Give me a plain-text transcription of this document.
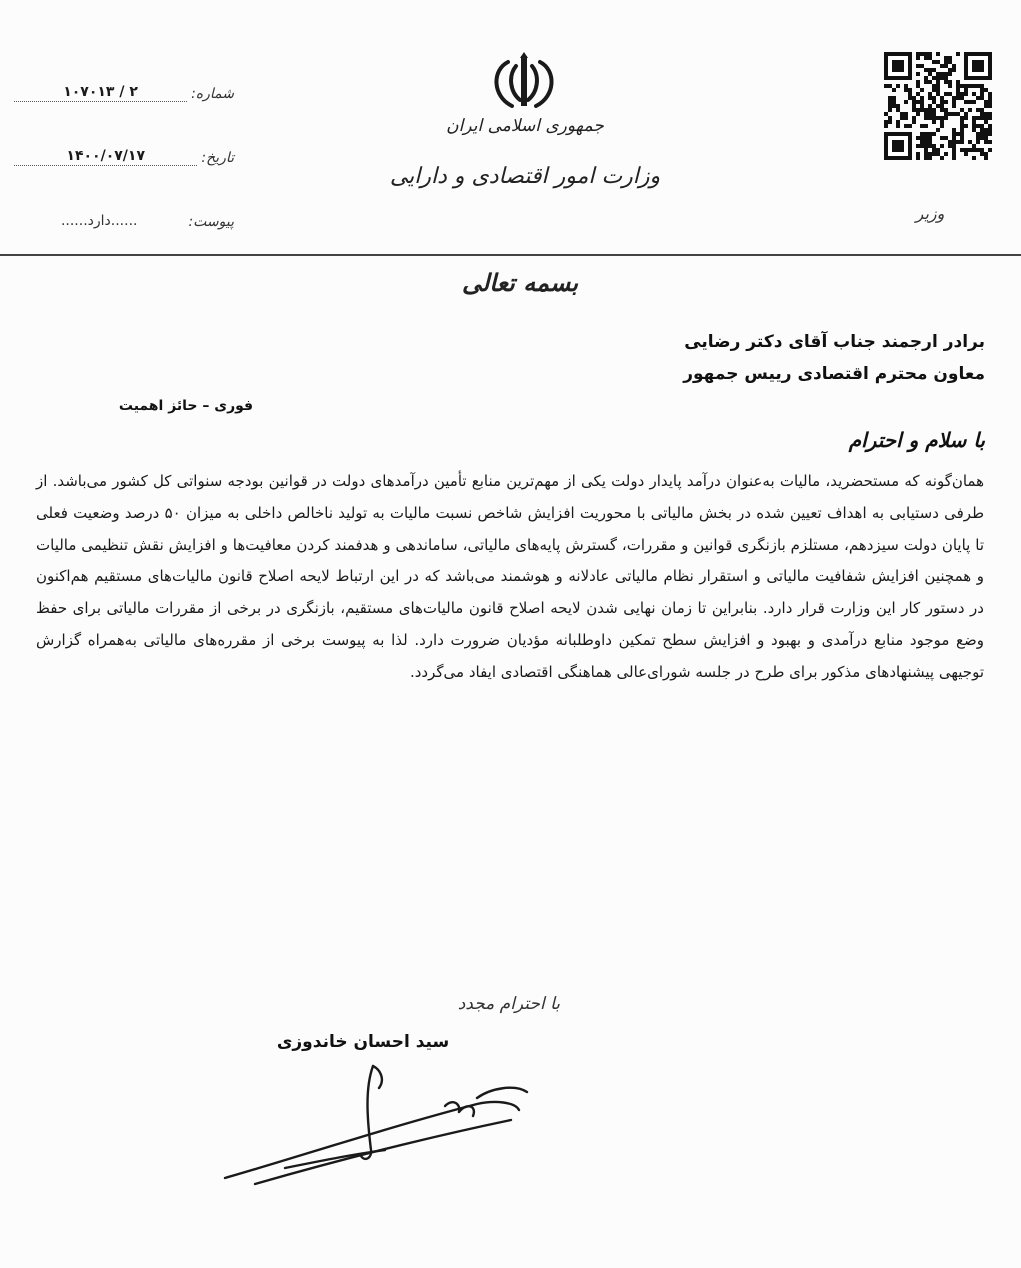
شماره:
۲ / ۱۰۷۰۱۳
تاریخ:
۱۴۰۰/۰۷/۱۷
پیوست:
......دارد......
جمهوری اسلامی ایران
وزارت امور اقتصادی و دارایی
وزیر
بسمه تعالی
برادر ارجمند جناب آقای دکتر رضایی
معاون محترم اقتصادی رییس جمهور
فوری – حائز اهمیت
با سلام و احترام

همان‌گونه که مستحضرید، مالیات به‌عنوان درآمد پایدار دولت یکی از مهم‌ترین منابع تأمین درآمدهای دولت در قوانین بودجه سنواتی کل کشور می‌باشد. از طرفی دستیابی به اهداف تعیین شده در بخش مالیاتی با محوریت افزایش شاخص نسبت مالیات به تولید ناخالص داخلی به میزان ۵۰ درصد وضعیت فعلی تا پایان دولت سیزدهم، مستلزم بازنگری قوانین و مقررات، گسترش پایه‌های مالیاتی، ساماندهی و هدفمند کردن معافیت‌ها و افزایش نقش تنظیمی مالیات و همچنین افزایش شفافیت مالیاتی و استقرار نظام مالیاتی عادلانه و هوشمند می‌باشد که در این ارتباط لایحه اصلاح قانون مالیات‌های مستقیم هم‌اکنون در دستور کار این وزارت قرار دارد. بنابراین تا زمان نهایی شدن لایحه اصلاح قانون مالیات‌های مستقیم، بازنگری در برخی از مقررات مالیاتی برای حفظ وضع موجود منابع درآمدی و بهبود و افزایش سطح تمکین داوطلبانه مؤدیان ضرورت دارد. لذا به پیوست برخی از مقرره‌های مالیاتی به‌همراه گزارش توجیهی پیشنهادهای مذکور برای طرح در جلسه شورای‌عالی هماهنگی اقتصادی ایفاد می‌گردد.

با احترام مجدد
سید احسان خاندوزی
